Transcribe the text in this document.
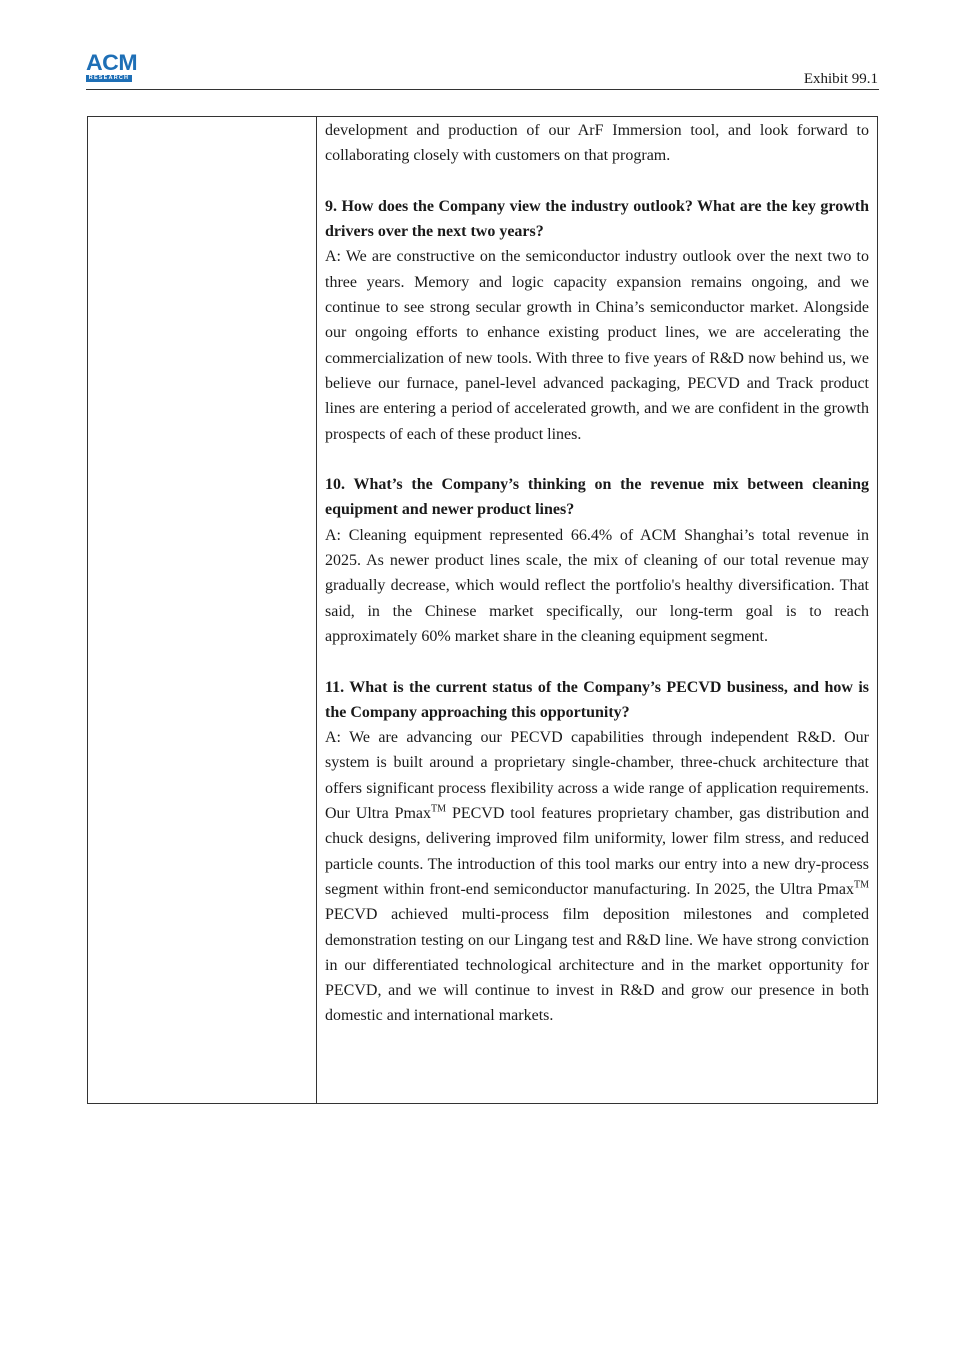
ACM
RESEARCH	Exhibit 99.1

development and production of our ArF Immersion tool, and look forward to collaborating closely with customers on that program.

9. How does the Company view the industry outlook? What are the key growth drivers over the next two years?

A: We are constructive on the semiconductor industry outlook over the next two to three years. Memory and logic capacity expansion remains ongoing, and we continue to see strong secular growth in China’s semiconductor market. Alongside our ongoing efforts to enhance existing product lines, we are accelerating the commercialization of new tools. With three to five years of R&D now behind us, we believe our furnace, panel-level advanced packaging, PECVD and Track product lines are entering a period of accelerated growth, and we are confident in the growth prospects of each of these product lines.

10. What’s the Company’s thinking on the revenue mix between cleaning equipment and newer product lines?

A: Cleaning equipment represented 66.4% of ACM Shanghai’s total revenue in 2025. As newer product lines scale, the mix of cleaning of our total revenue may gradually decrease, which would reflect the portfolio's healthy diversification. That said, in the Chinese market specifically, our long-term goal is to reach approximately 60% market share in the cleaning equipment segment.

11. What is the current status of the Company’s PECVD business, and how is the Company approaching this opportunity?

A: We are advancing our PECVD capabilities through independent R&D. Our system is built around a proprietary single-chamber, three-chuck architecture that offers significant process flexibility across a wide range of application requirements. Our Ultra Pmax™ PECVD tool features proprietary chamber, gas distribution and chuck designs, delivering improved film uniformity, lower film stress, and reduced particle counts. The introduction of this tool marks our entry into a new dry-process segment within front-end semiconductor manufacturing. In 2025, the Ultra Pmax™ PECVD achieved multi-process film deposition milestones and completed demonstration testing on our Lingang test and R&D line. We have strong conviction in our differentiated technological architecture and in the market opportunity for PECVD, and we will continue to invest in R&D and grow our presence in both domestic and international markets.
